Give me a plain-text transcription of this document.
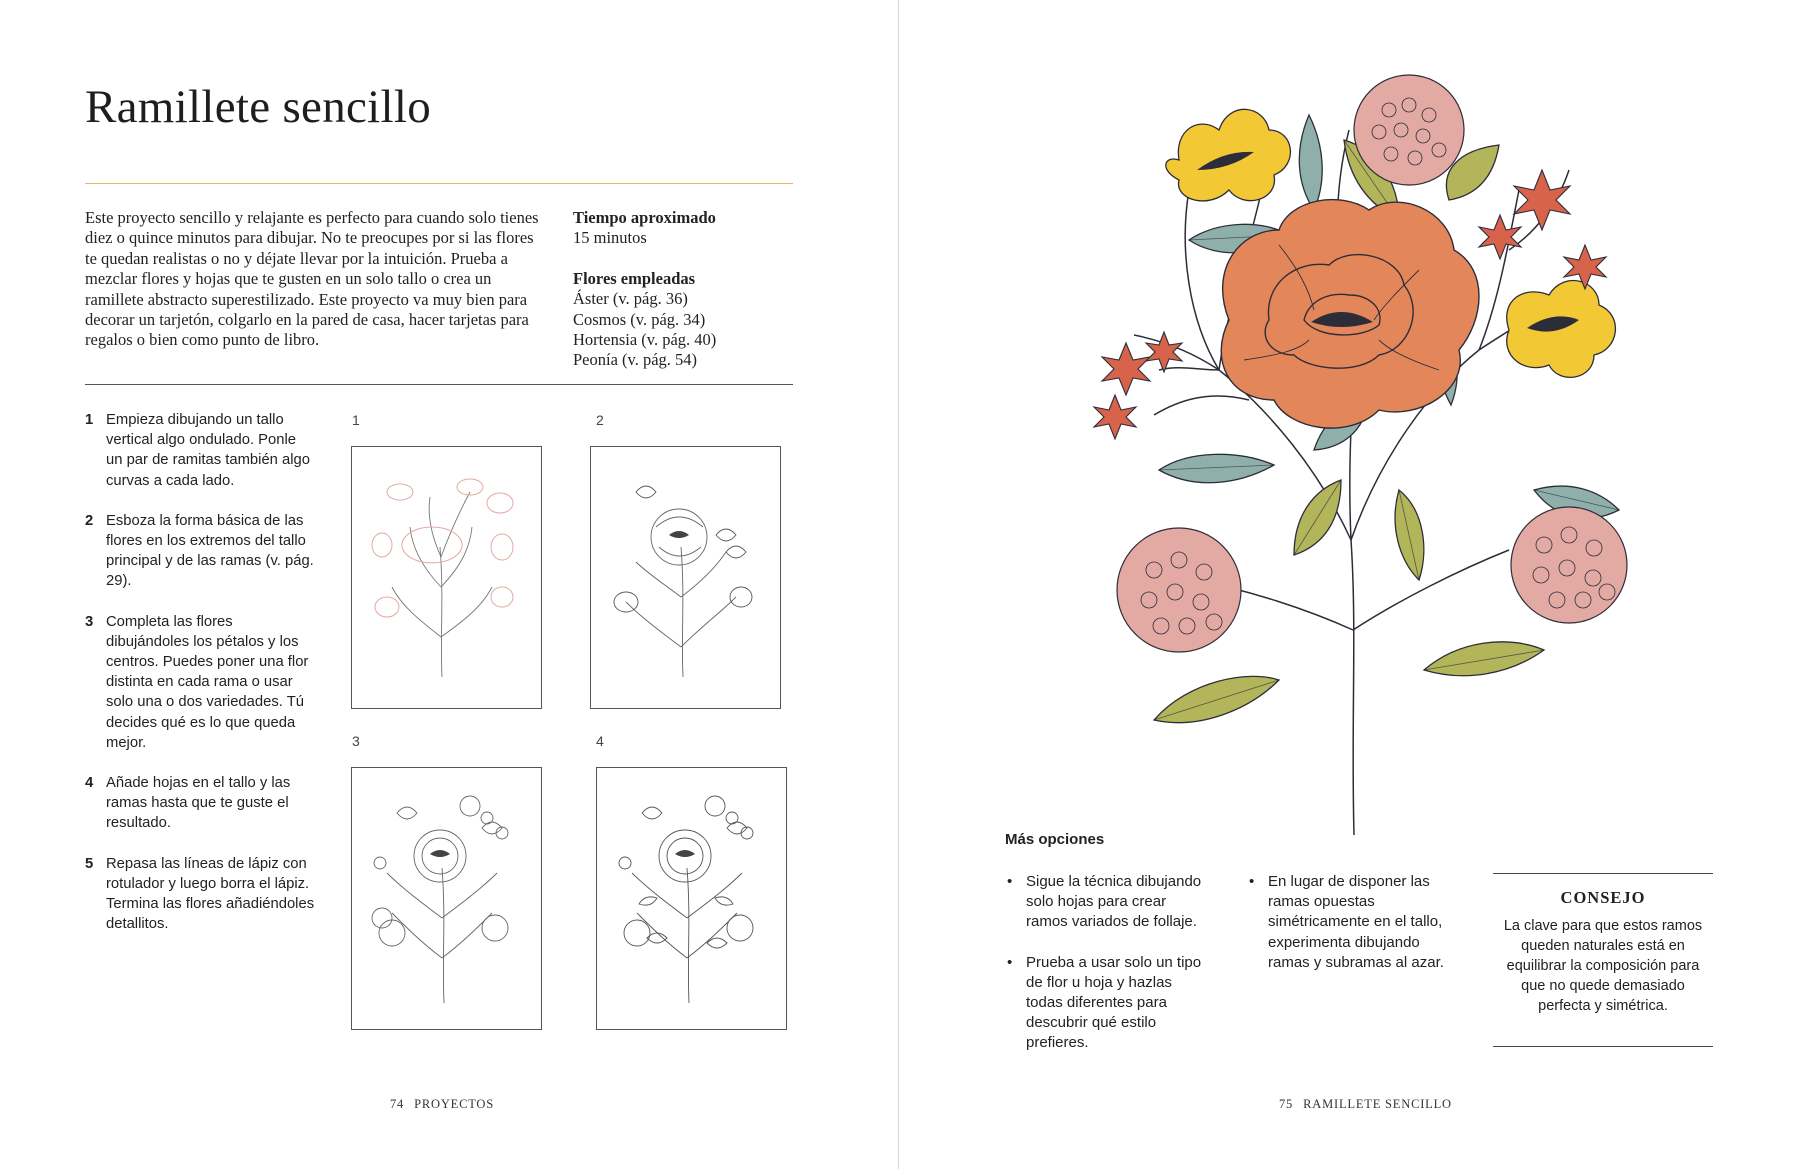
Ramillete sencillo
Este proyecto sencillo y relajante es perfecto para cuando solo tienes diez o quince minutos para dibujar. No te preocupes por si las flores te quedan realistas o no y déjate llevar por la intuición. Prueba a mezclar flores y hojas que te gusten en un solo tallo o crea un ramillete abstracto superestilizado. Este proyecto va muy bien para decorar un tarjetón, colgarlo en la pared de casa, hacer tarjetas para regalos o bien como punto de libro.
Tiempo aproximado

15 minutos

Flores empleadas

Áster (v. pág. 36)

Cosmos (v. pág. 34)

Hortensia (v. pág. 40)

Peonía (v. pág. 54)

1 Empieza dibujando un tallo vertical algo ondulado. Ponle un par de ramitas también algo curvas a cada lado.
2 Esboza la forma básica de las flores en los extremos del tallo principal y de las ramas (v. pág. 29).
3 Completa las flores dibujándoles los pétalos y los centros. Puedes poner una flor distinta en cada rama o usar solo una o dos variedades. Tú decides qué es lo que queda mejor.
4 Añade hojas en el tallo y las ramas hasta que te guste el resultado.
5 Repasa las líneas de lápiz con rotulador y luego borra el lápiz. Termina las flores añadiéndoles detallitos.
1	2
3	4
74 PROYECTOS
Más opciones
• Sigue la técnica dibujando solo hojas para crear ramos variados de follaje.
• Prueba a usar solo un tipo de flor u hoja y hazlas todas diferentes para descubrir qué estilo prefieres.
• En lugar de disponer las ramas opuestas simétricamente en el tallo, experimenta dibujando ramas y subramas al azar.
CONSEJO
La clave para que estos ramos queden naturales está en equilibrar la composición para que no quede demasiado perfecta y simétrica.
75 RAMILLETE SENCILLO
